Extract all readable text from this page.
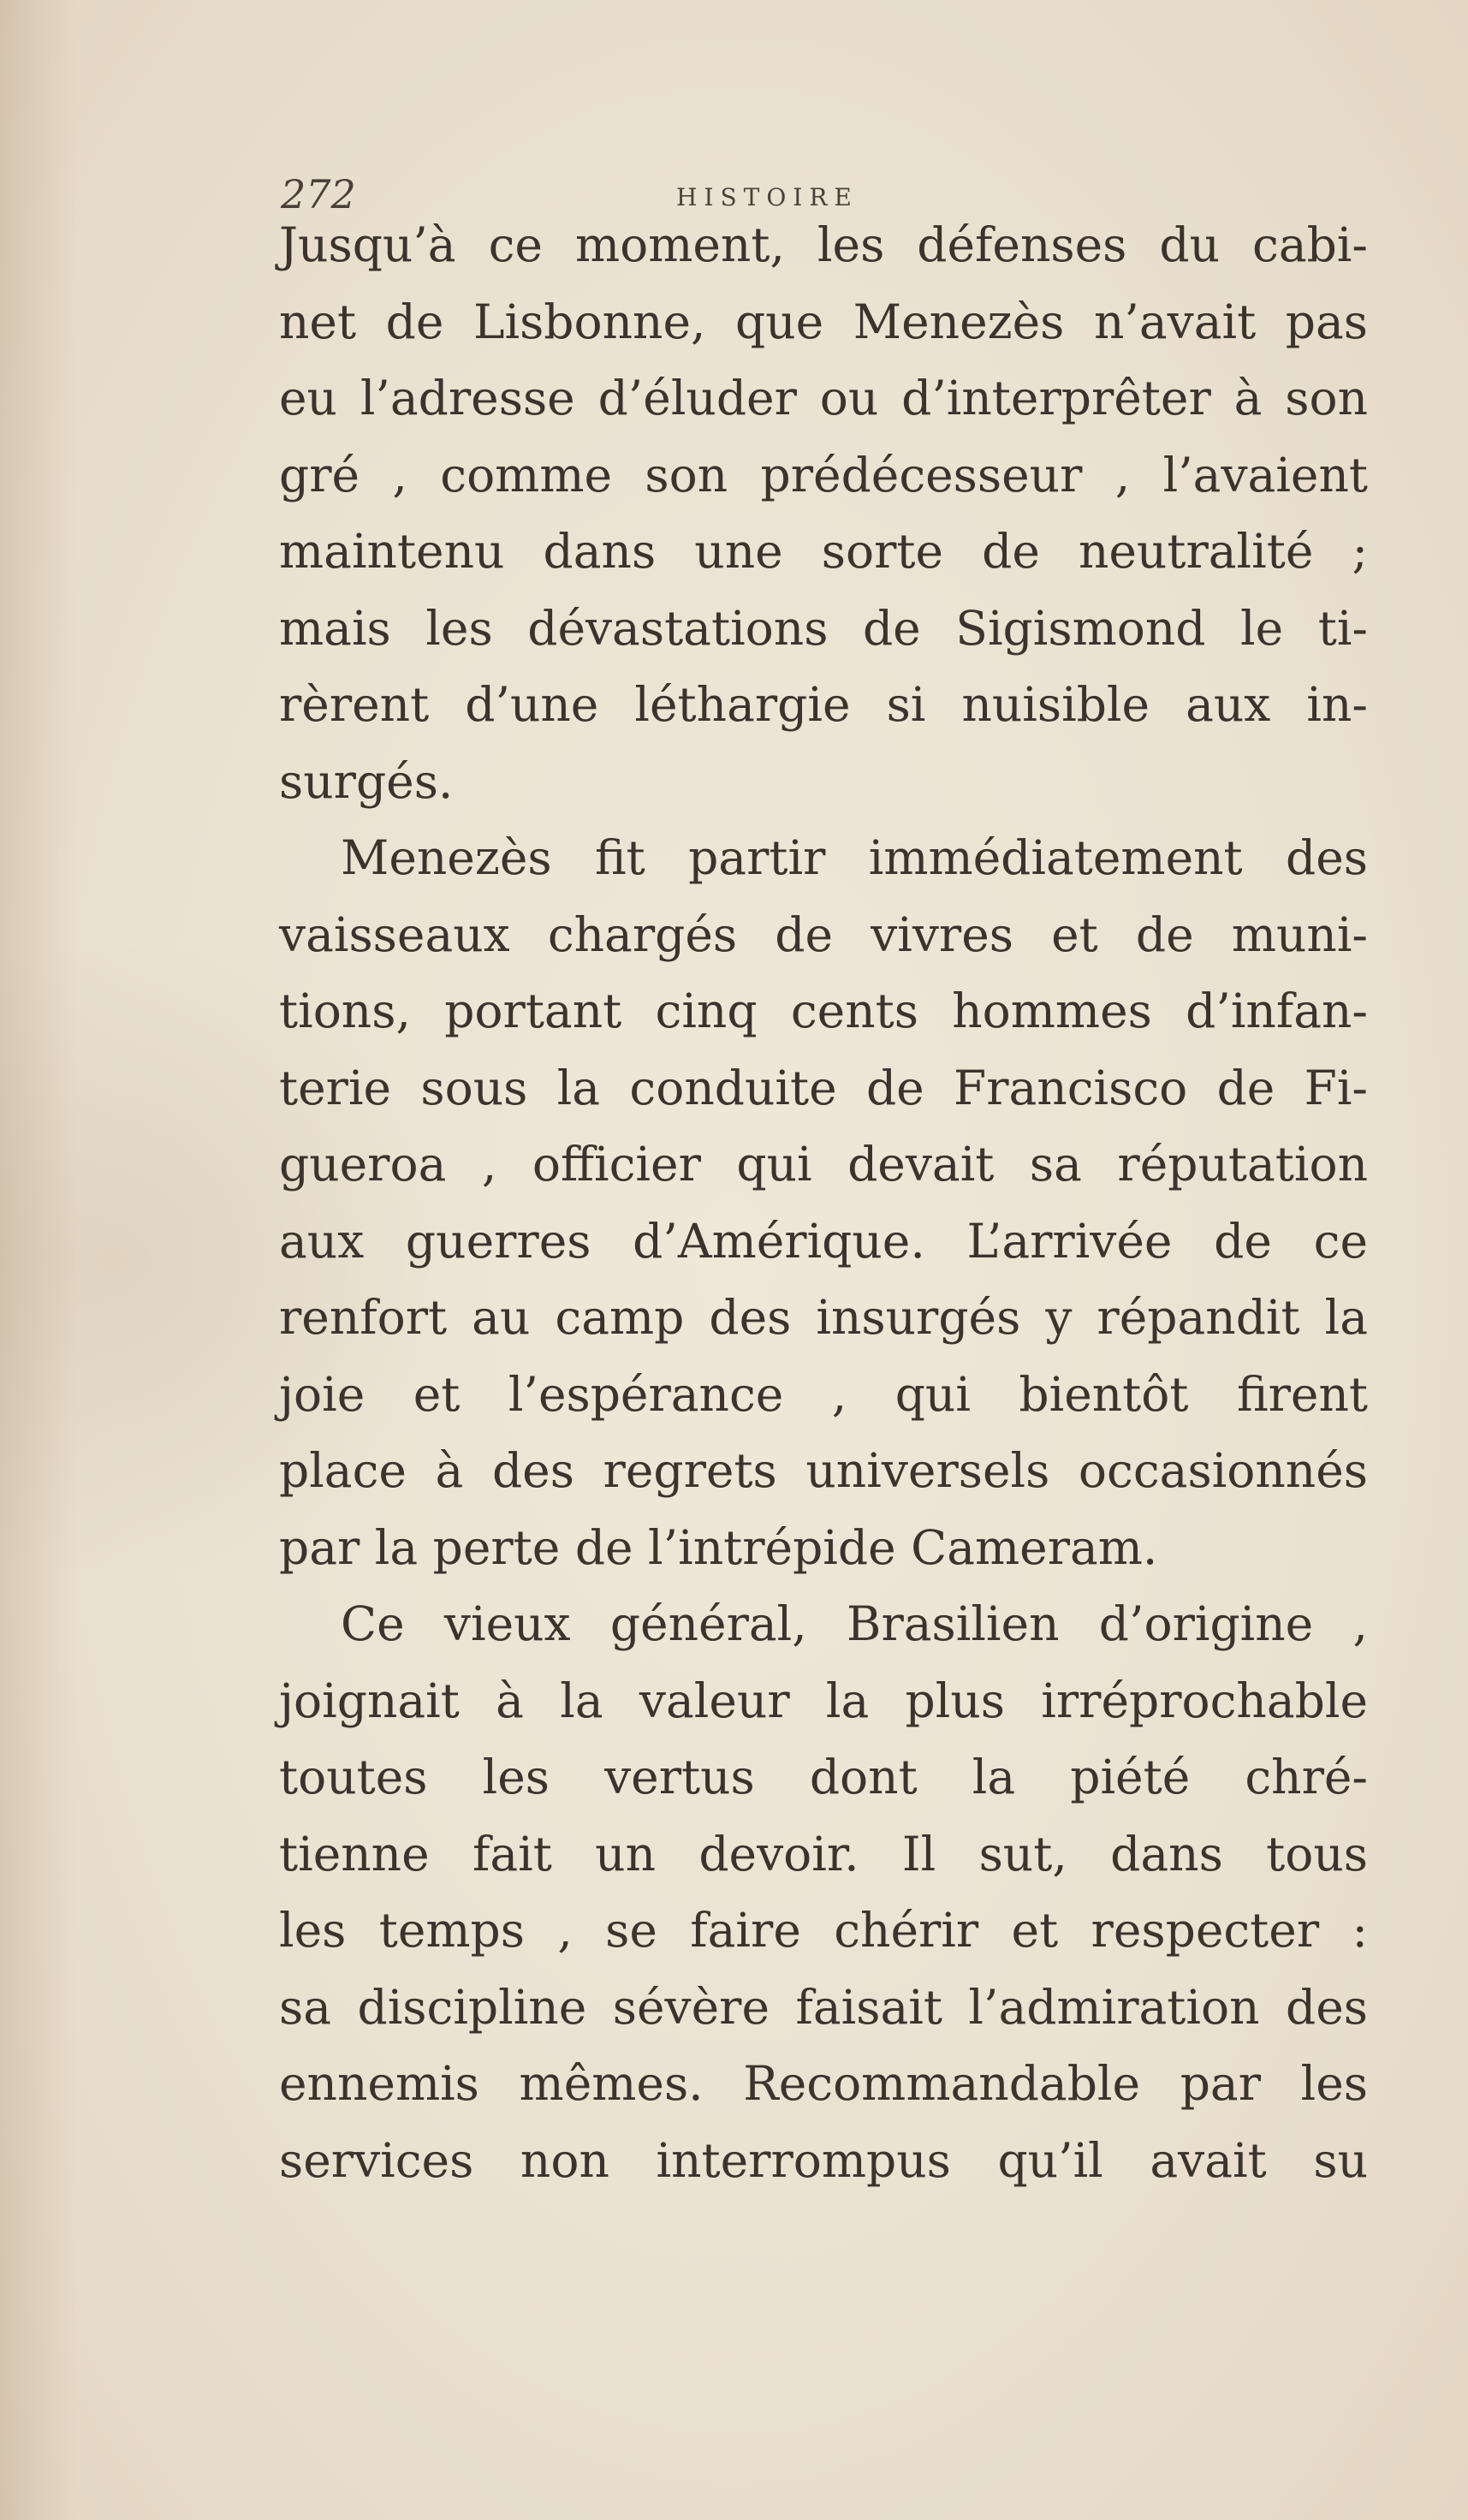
272	HISTOIRE
Jusqu’à ce moment, les défenses du cabi-
net de Lisbonne, que Menezès n’avait pas
eu l’adresse d’éluder ou d’interprêter à son
gré , comme son prédécesseur , l’avaient
maintenu dans une sorte de neutralité ;
mais les dévastations de Sigismond le ti-
rèrent d’une léthargie si nuisible aux in-
surgés.
Menezès fit partir immédiatement des
vaisseaux chargés de vivres et de muni-
tions, portant cinq cents hommes d’infan-
terie sous la conduite de Francisco de Fi-
gueroa , officier qui devait sa réputation
aux guerres d’Amérique. L’arrivée de ce
renfort au camp des insurgés y répandit la
joie et l’espérance , qui bientôt firent
place à des regrets universels occasionnés
par la perte de l’intrépide Cameram.
Ce vieux général, Brasilien d’origine ,
joignait à la valeur la plus irréprochable
toutes les vertus dont la piété chré-
tienne fait un devoir. Il sut, dans tous
les temps , se faire chérir et respecter :
sa discipline sévère faisait l’admiration des
ennemis mêmes. Recommandable par les
services non interrompus qu’il avait su
